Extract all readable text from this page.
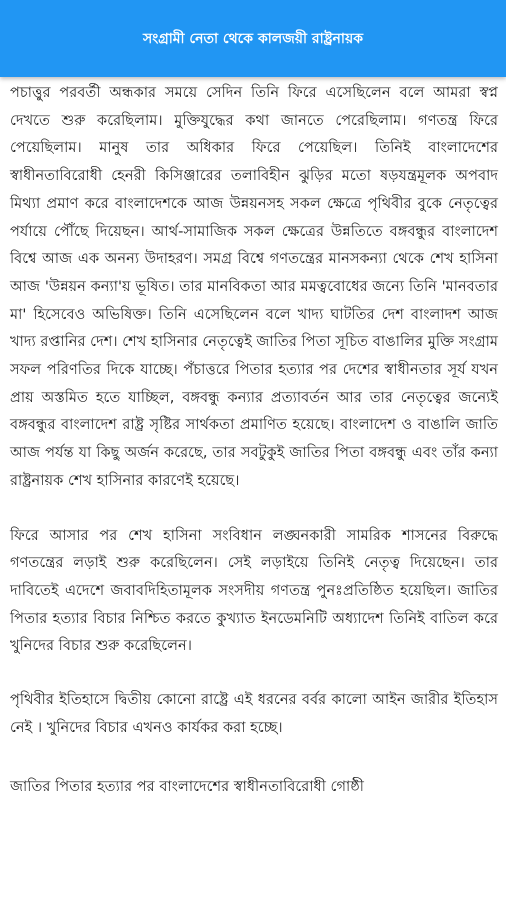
সংগ্রামী নেতা থেকে কালজয়ী রাষ্ট্রনায়ক

পচাত্তুর পরবর্তী অন্ধকার সময়ে সেদিন তিনি ফিরে এসেছিলেন বলে আমরা স্বপ্ন দেখতে শুরু করেছিলাম। মুক্তিযুদ্ধের কথা জানতে পেরেছিলাম। গণতন্ত্র ফিরে পেয়েছিলাম। মানুষ তার অধিকার ফিরে পেয়েছিল। তিনিই বাংলাদেশের স্বাধীনতাবিরোধী হেনরী কিসিঞ্জারের তলাবিহীন ঝুড়ির মতো ষড়যন্ত্রমূলক অপবাদ মিথ্যা প্রমাণ করে বাংলাদেশকে আজ উন্নয়নসহ সকল ক্ষেত্রে পৃথিবীর বুকে নেতৃত্বের পর্যায়ে পৌঁছে দিয়েছন। আর্থ-সামাজিক সকল ক্ষেত্রের উন্নতিতে বঙ্গবন্ধুর বাংলাদেশ বিশ্বে আজ এক অনন্য উদাহরণ। সমগ্র বিশ্বে গণতন্ত্রের মানসকন্যা থেকে শেখ হাসিনা আজ 'উন্নয়ন কন্যা'য় ভূষিত। তার মানবিকতা আর মমত্ববোধের জন্যে তিনি 'মানবতার মা' হিসেবেও অভিষিক্ত। তিনি এসেছিলেন বলে খাদ্য ঘাটতির দেশ বাংলাদশ আজ খাদ্য রপ্তানির দেশ। শেখ হাসিনার নেতৃত্বেই জাতির পিতা সূচিত বাঙালির মুক্তি সংগ্রাম সফল পরিণতির দিকে যাচ্ছে। পঁচাত্তরে পিতার হত্যার পর দেশের স্বাধীনতার সূর্য যখন প্রায় অস্তমিত হতে যাচ্ছিল, বঙ্গবন্ধু কন্যার প্রত্যাবর্তন আর তার নেতৃত্বের জন্যেই বঙ্গবন্ধুর বাংলাদেশ রাষ্ট্র সৃষ্টির সার্থকতা প্রমাণিত হয়েছে। বাংলাদেশ ও বাঙালি জাতি আজ পর্যন্ত যা কিছু অর্জন করেছে, তার সবটুকুই জাতির পিতা বঙ্গবন্ধু এবং তাঁর কন্যা রাষ্ট্রনায়ক শেখ হাসিনার কারণেই হয়েছে।

ফিরে আসার পর শেখ হাসিনা সংবিধান লঙ্ঘনকারী সামরিক শাসনের বিরুদ্ধে গণতন্ত্রের লড়াই শুরু করেছিলেন। সেই লড়াইয়ে তিনিই নেতৃত্ব দিয়েছেন। তার দাবিতেই এদেশে জবাবদিহিতামূলক সংসদীয় গণতন্ত্র পুনঃপ্রতিষ্ঠিত হয়েছিল। জাতির পিতার হত্যার বিচার নিশ্চিত করতে কুখ্যাত ইনডেমনিটি অধ্যাদেশ তিনিই বাতিল করে খুনিদের বিচার শুরু করেছিলেন।

পৃথিবীর ইতিহাসে দ্বিতীয় কোনো রাষ্ট্রে এই ধরনের বর্বর কালো আইন জারীর ইতিহাস নেই । খুনিদের বিচার এখনও কার্যকর করা হচ্ছে।

জাতির পিতার হত্যার পর বাংলাদেশের স্বাধীনতাবিরোধী গোষ্ঠী
